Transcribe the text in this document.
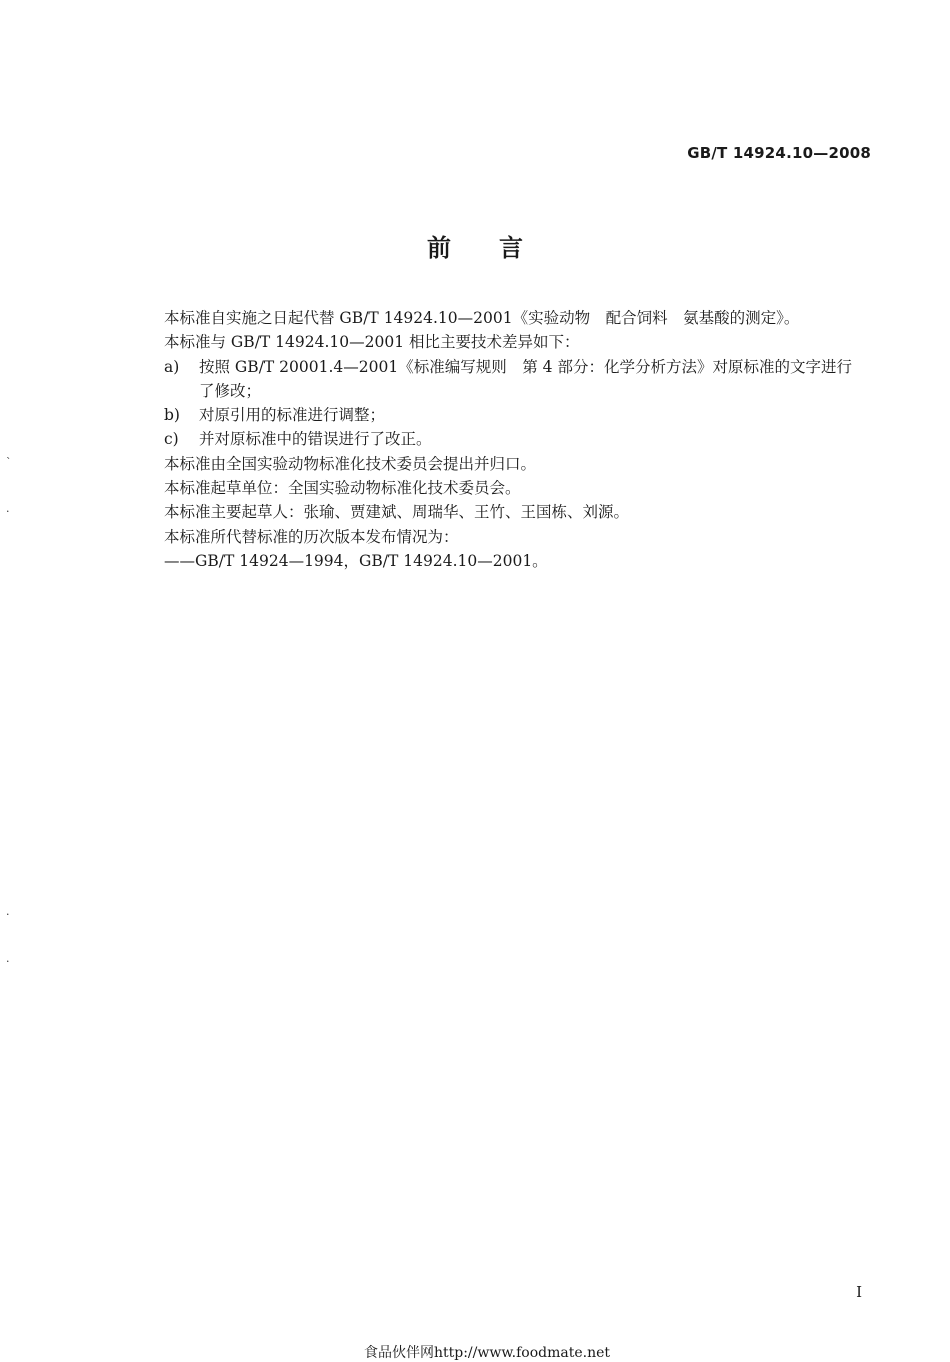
GB/T 14924.10—2008
前言
本标准自实施之日起代替 GB/T 14924.10—2001《实验动物　配合饲料　氨基酸的测定》。
本标准与 GB/T 14924.10—2001 相比主要技术差异如下：
a)	按照 GB/T 20001.4—2001《标准编写规则　第 4 部分：化学分析方法》对原标准的文字进行
了修改；
b)	对原引用的标准进行调整；
c)	并对原标准中的错误进行了改正。
本标准由全国实验动物标准化技术委员会提出并归口。
本标准起草单位：全国实验动物标准化技术委员会。
本标准主要起草人：张瑜、贾建斌、周瑞华、王竹、王国栋、刘源。
本标准所代替标准的历次版本发布情况为：
——GB/T 14924—1994，GB/T 14924.10—2001。
`
·
·
·
I
食品伙伴网http://www.foodmate.net
